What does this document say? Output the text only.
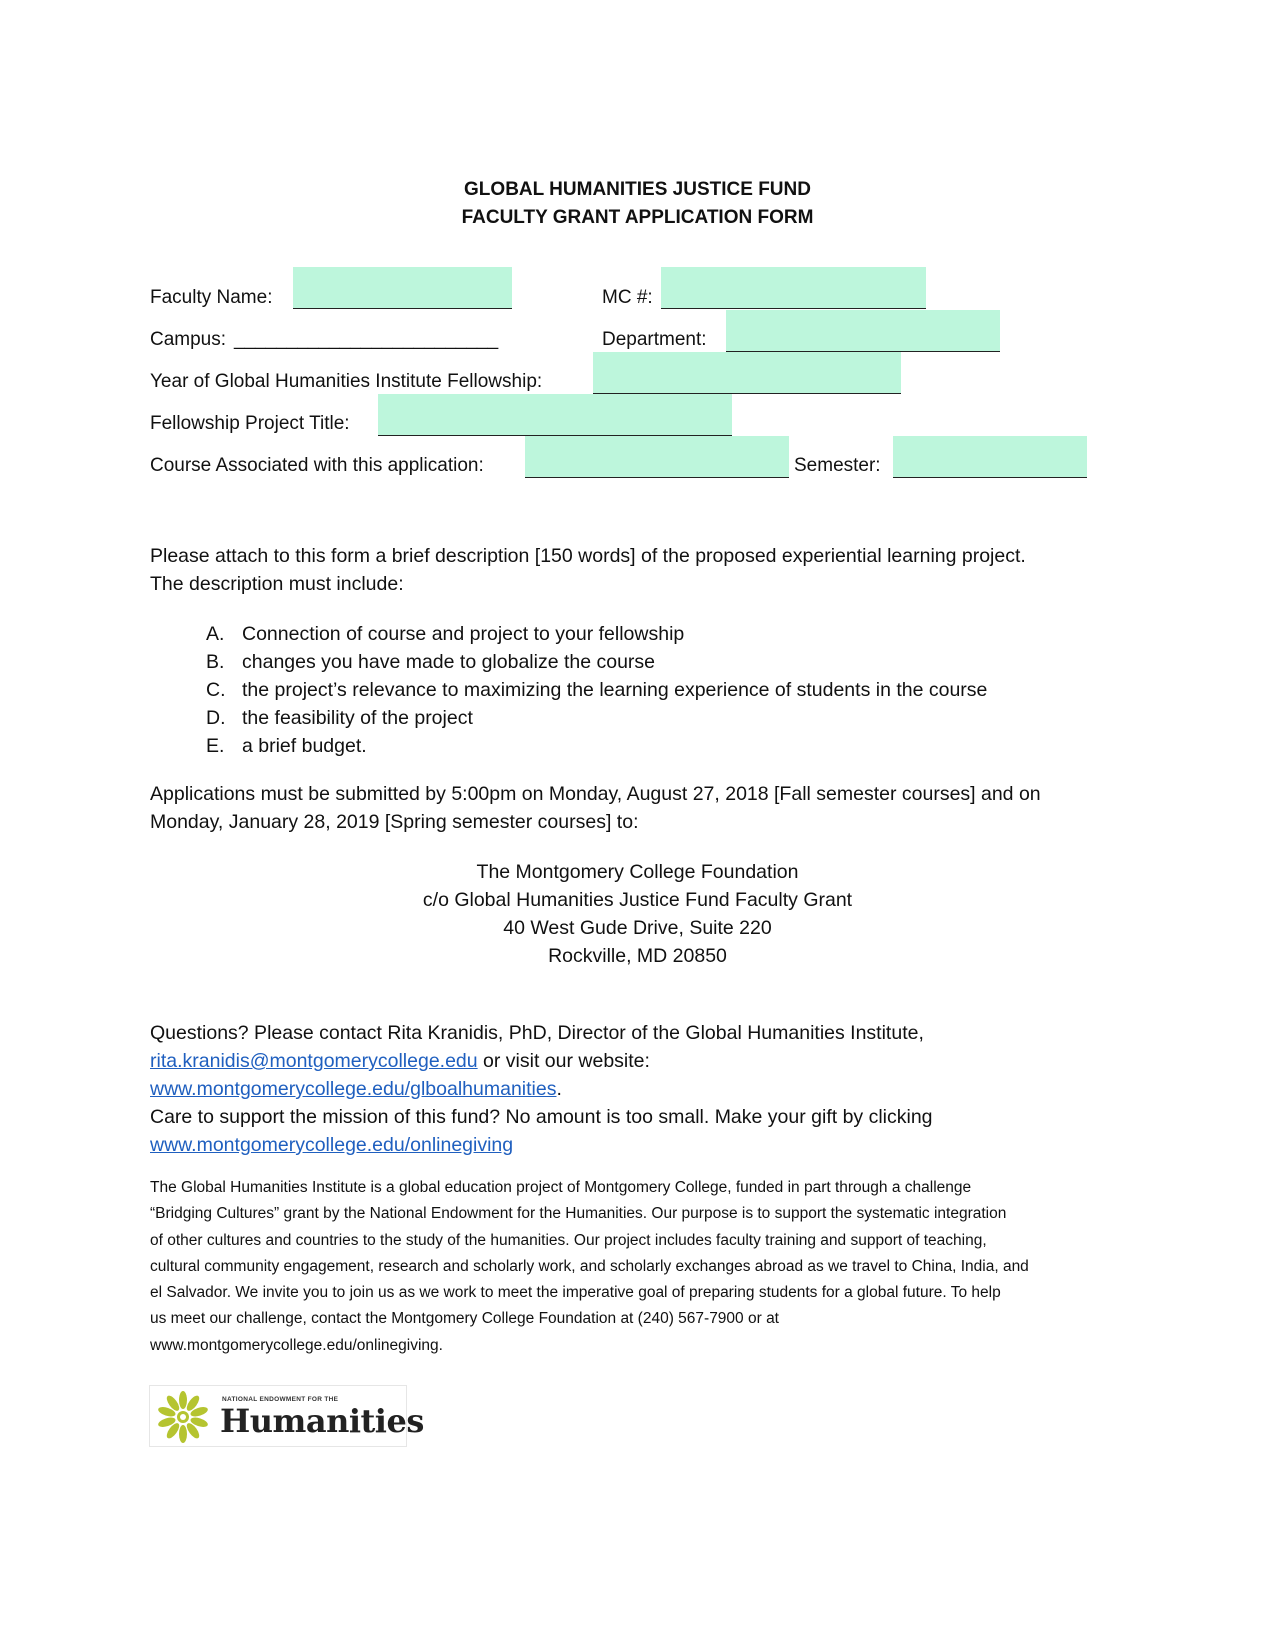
GLOBAL HUMANITIES JUSTICE FUND
FACULTY GRANT APPLICATION FORM
Faculty Name:	MC #:
Campus: _________________________	Department:
Year of Global Humanities Institute Fellowship:
Fellowship Project Title:
Course Associated with this application:	Semester:
Please attach to this form a brief description [150 words] of the proposed experiential learning project.
The description must include:
A. Connection of course and project to your fellowship
B. changes you have made to globalize the course
C. the project’s relevance to maximizing the learning experience of students in the course
D. the feasibility of the project
E. a brief budget.
Applications must be submitted by 5:00pm on Monday, August 27, 2018 [Fall semester courses] and on
Monday, January 28, 2019 [Spring semester courses] to:
The Montgomery College Foundation
c/o Global Humanities Justice Fund Faculty Grant
40 West Gude Drive, Suite 220
Rockville, MD 20850
Questions? Please contact Rita Kranidis, PhD, Director of the Global Humanities Institute,
rita.kranidis@montgomerycollege.edu or visit our website:
www.montgomerycollege.edu/glboalhumanities.
Care to support the mission of this fund? No amount is too small. Make your gift by clicking
www.montgomerycollege.edu/onlinegiving
The Global Humanities Institute is a global education project of Montgomery College, funded in part through a challenge
“Bridging Cultures” grant by the National Endowment for the Humanities. Our purpose is to support the systematic integration
of other cultures and countries to the study of the humanities. Our project includes faculty training and support of teaching,
cultural community engagement, research and scholarly work, and scholarly exchanges abroad as we travel to China, India, and
el Salvador. We invite you to join us as we work to meet the imperative goal of preparing students for a global future. To help
us meet our challenge, contact the Montgomery College Foundation at (240) 567-7900 or at
www.montgomerycollege.edu/onlinegiving.
NATIONAL ENDOWMENT FOR THE
Humanities
